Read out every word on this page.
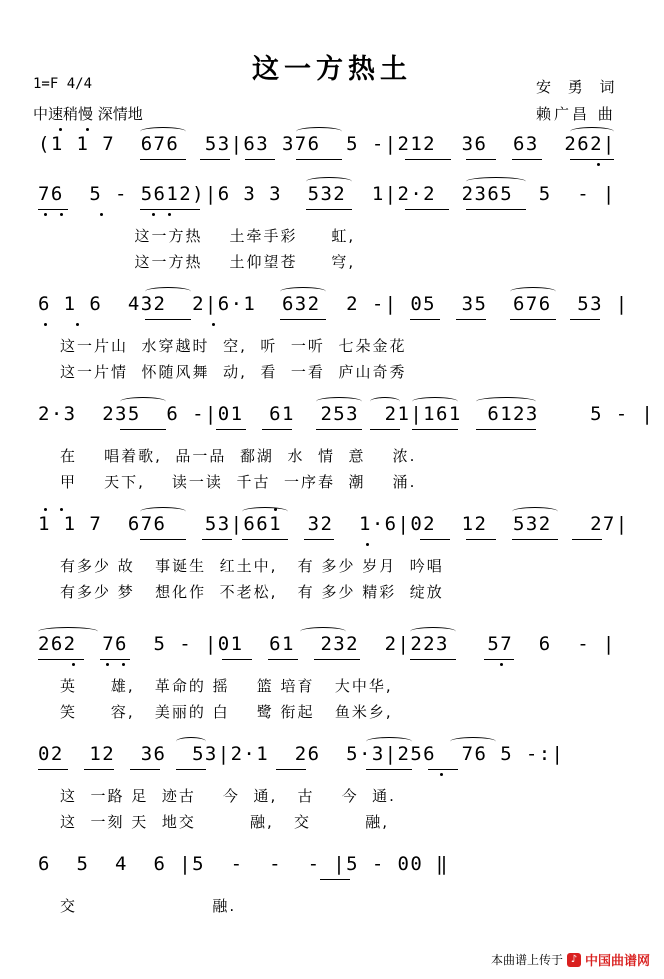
这一方热土
1=F 4/4
中速稍慢 深情地
安 勇 词
赖广昌 曲
(1 1 7  676  53|63 376  5 -|212  36  63  262|
76  5 - 5612)|6 3 3  532  1|2·2  2365  5  - |
这一方热    土牵手彩     虹,
这一方热    土仰望苍     穹,
6 1 6  432  2|6·1  632  2 -| 05  35  676  53 |
这一片山  水穿越时  空,  听  一听  七朵金花
这一片情  怀随风舞  动,  看  一看  庐山奇秀
2·3  235  6 -|01  61  253  21|161  6123    5 - |
在    唱着歌,  品一品  鄱湖  水  情  意    浓.
甲    天下,    读一读  千古  一序春  潮    涌.
1 1 7  676   53|661  32  1·6|02  12  532   27|
有多少 故   事诞生  红土中,   有 多少 岁月  吟唱
有多少 梦   想化作  不老松,   有 多少 精彩  绽放
262  76  5 - |01  61  232  2|223   57  6  - |
英     雄,   革命的 摇    篮 培育   大中华,
笑     容,   美丽的 白    鹭 衔起   鱼米乡,
02  12  36  53|2·1  26  5·3|256  76 5 -:|
这  一路 足  迹古    今  通,   古    今  通.
这  一刻 天  地交        融,   交        融,
6  5  4  6 |5  -  -  - |5 - 00 ‖
交                    融.
本曲谱上传于 ♪ 中国曲谱网
